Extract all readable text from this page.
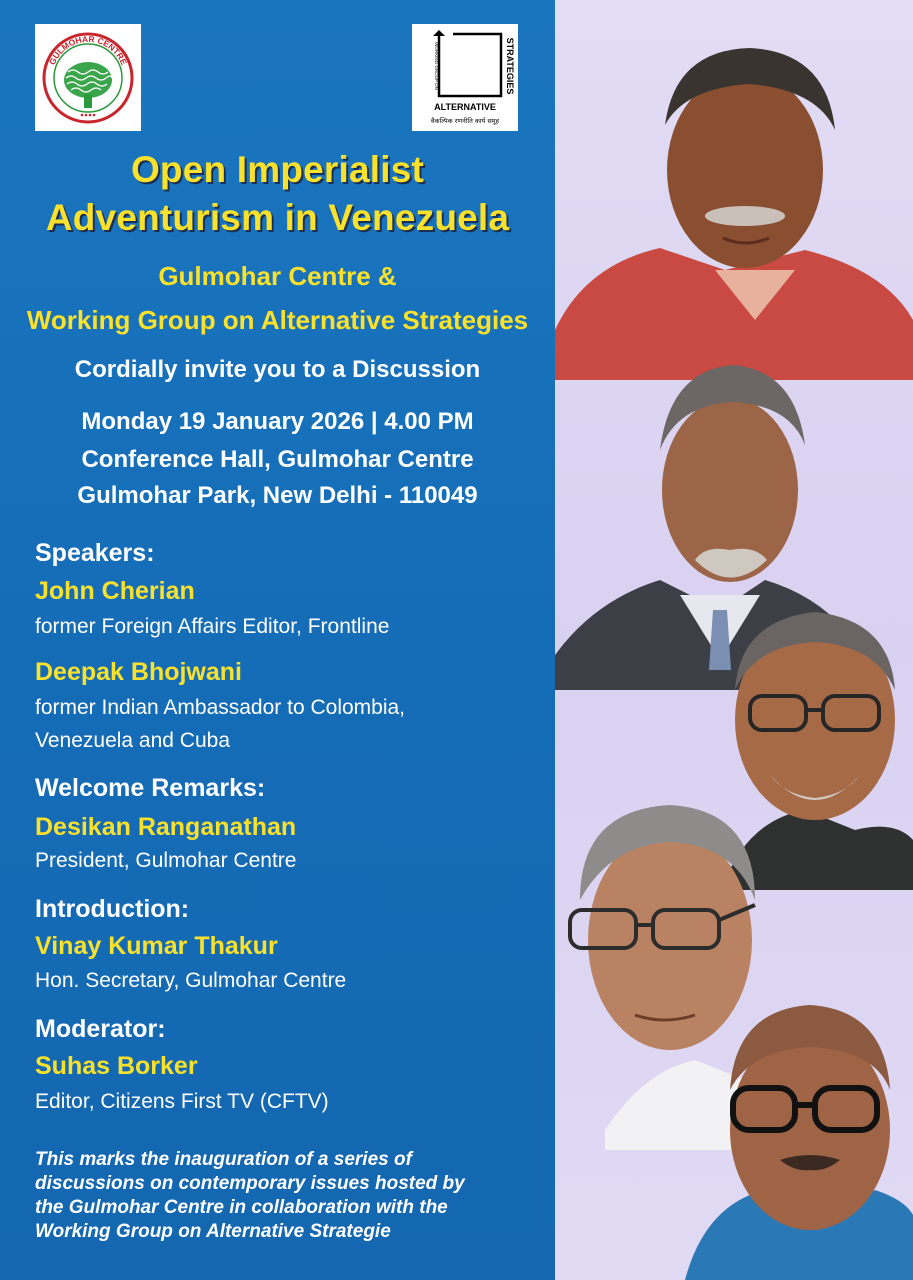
GULMOHAR CENTRE	WORKING GROUP ON	STRATEGIES
ALTERNATIVE
वैकल्पिक रणनीति कार्य समूह
Open Imperialist
Adventurism in Venezuela
Gulmohar Centre &
Working Group on Alternative Strategies
Cordially invite you to a Discussion
Monday 19 January 2026 | 4.00 PM
Conference Hall, Gulmohar Centre
Gulmohar Park, New Delhi - 110049
Speakers:
John Cherian
former Foreign Affairs Editor, Frontline
Deepak Bhojwani
former Indian Ambassador to Colombia,
Venezuela and Cuba
Welcome Remarks:
Desikan Ranganathan
President, Gulmohar Centre
Introduction:
Vinay Kumar Thakur
Hon. Secretary, Gulmohar Centre
Moderator:
Suhas Borker
Editor, Citizens First TV (CFTV)
This marks the inauguration of a series of
discussions on contemporary issues hosted by
the Gulmohar Centre in collaboration with the
Working Group on Alternative Strategie
